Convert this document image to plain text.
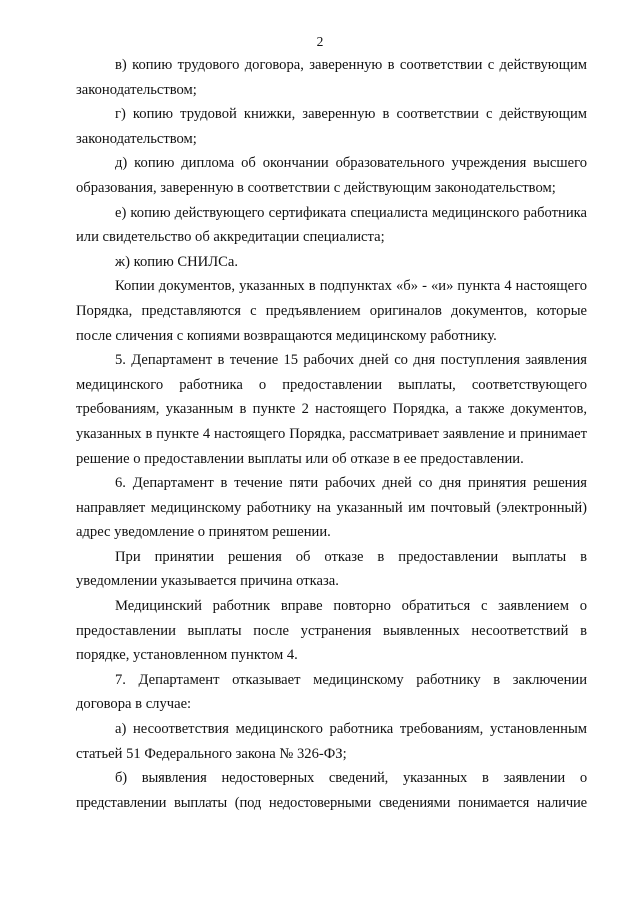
2

в) копию трудового договора, заверенную в соответствии с действующим законодательством;

г) копию трудовой книжки, заверенную в соответствии с действующим законодательством;

д) копию диплома об окончании образовательного учреждения высшего образования, заверенную в соответствии с действующим законодательством;

е) копию действующего сертификата специалиста медицинского работника или свидетельство об аккредитации специалиста;

ж) копию СНИЛСа.

Копии документов, указанных в подпунктах «б» - «и» пункта 4 настоящего Порядка, представляются с предъявлением оригиналов документов, которые после сличения с копиями возвращаются медицинскому работнику.

5. Департамент в течение 15 рабочих дней со дня поступления заявления медицинского работника о предоставлении выплаты, соответствующего требованиям, указанным в пункте 2 настоящего Порядка, а также документов, указанных в пункте 4 настоящего Порядка, рассматривает заявление и принимает решение о предоставлении выплаты или об отказе в ее предоставлении.

6. Департамент в течение пяти рабочих дней со дня принятия решения направляет медицинскому работнику на указанный им почтовый (электронный) адрес уведомление о принятом решении.

При принятии решения об отказе в предоставлении выплаты в уведомлении указывается причина отказа.

Медицинский работник вправе повторно обратиться с заявлением о предоставлении выплаты после устранения выявленных несоответствий в порядке, установленном пунктом 4.

7. Департамент отказывает медицинскому работнику в заключении договора в случае:

а) несоответствия медицинского работника требованиям, установленным статьей 51 Федерального закона № 326-ФЗ;

б) выявления недостоверных сведений, указанных в заявлении о представлении выплаты (под недостоверными сведениями понимается наличие
